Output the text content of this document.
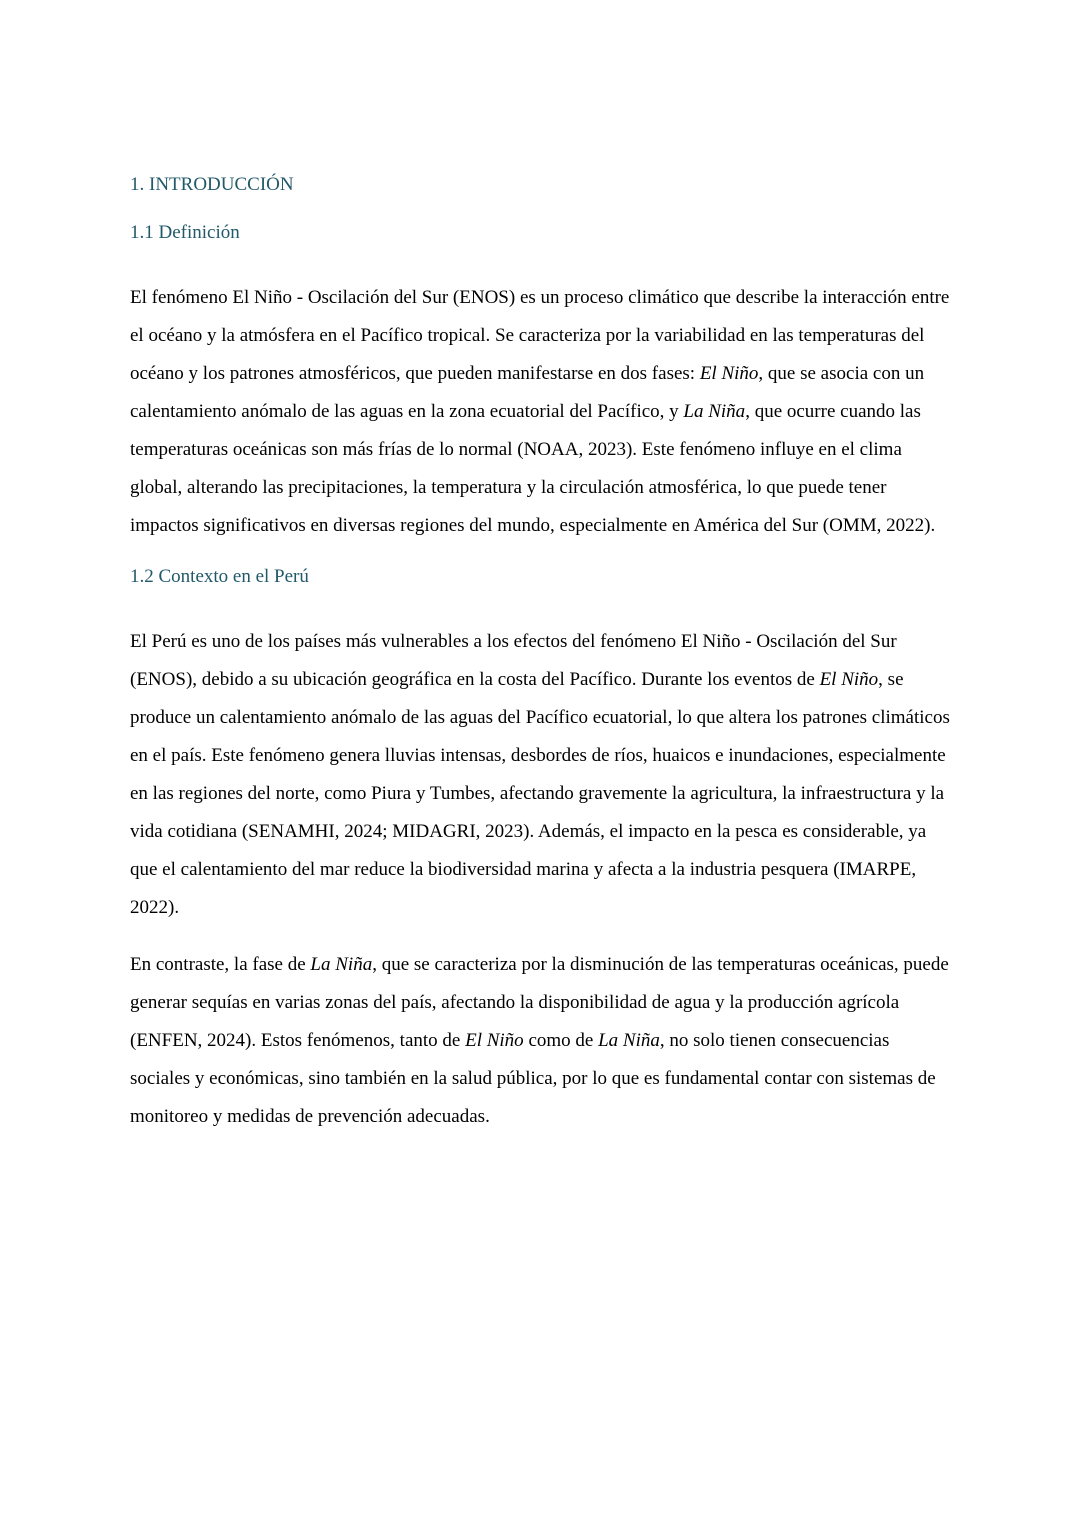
1. INTRODUCCIÓN
1.1 Definición

El fenómeno El Niño - Oscilación del Sur (ENOS) es un proceso climático que describe la interacción entre el océano y la atmósfera en el Pacífico tropical. Se caracteriza por la variabilidad en las temperaturas del océano y los patrones atmosféricos, que pueden manifestarse en dos fases: El Niño, que se asocia con un calentamiento anómalo de las aguas en la zona ecuatorial del Pacífico, y La Niña, que ocurre cuando las temperaturas oceánicas son más frías de lo normal (NOAA, 2023). Este fenómeno influye en el clima global, alterando las precipitaciones, la temperatura y la circulación atmosférica, lo que puede tener impactos significativos en diversas regiones del mundo, especialmente en América del Sur (OMM, 2022).

1.2 Contexto en el Perú

El Perú es uno de los países más vulnerables a los efectos del fenómeno El Niño - Oscilación del Sur (ENOS), debido a su ubicación geográfica en la costa del Pacífico. Durante los eventos de El Niño, se produce un calentamiento anómalo de las aguas del Pacífico ecuatorial, lo que altera los patrones climáticos en el país. Este fenómeno genera lluvias intensas, desbordes de ríos, huaicos e inundaciones, especialmente en las regiones del norte, como Piura y Tumbes, afectando gravemente la agricultura, la infraestructura y la vida cotidiana (SENAMHI, 2024; MIDAGRI, 2023). Además, el impacto en la pesca es considerable, ya que el calentamiento del mar reduce la biodiversidad marina y afecta a la industria pesquera (IMARPE, 2022).

En contraste, la fase de La Niña, que se caracteriza por la disminución de las temperaturas oceánicas, puede generar sequías en varias zonas del país, afectando la disponibilidad de agua y la producción agrícola (ENFEN, 2024). Estos fenómenos, tanto de El Niño como de La Niña, no solo tienen consecuencias sociales y económicas, sino también en la salud pública, por lo que es fundamental contar con sistemas de monitoreo y medidas de prevención adecuadas.
